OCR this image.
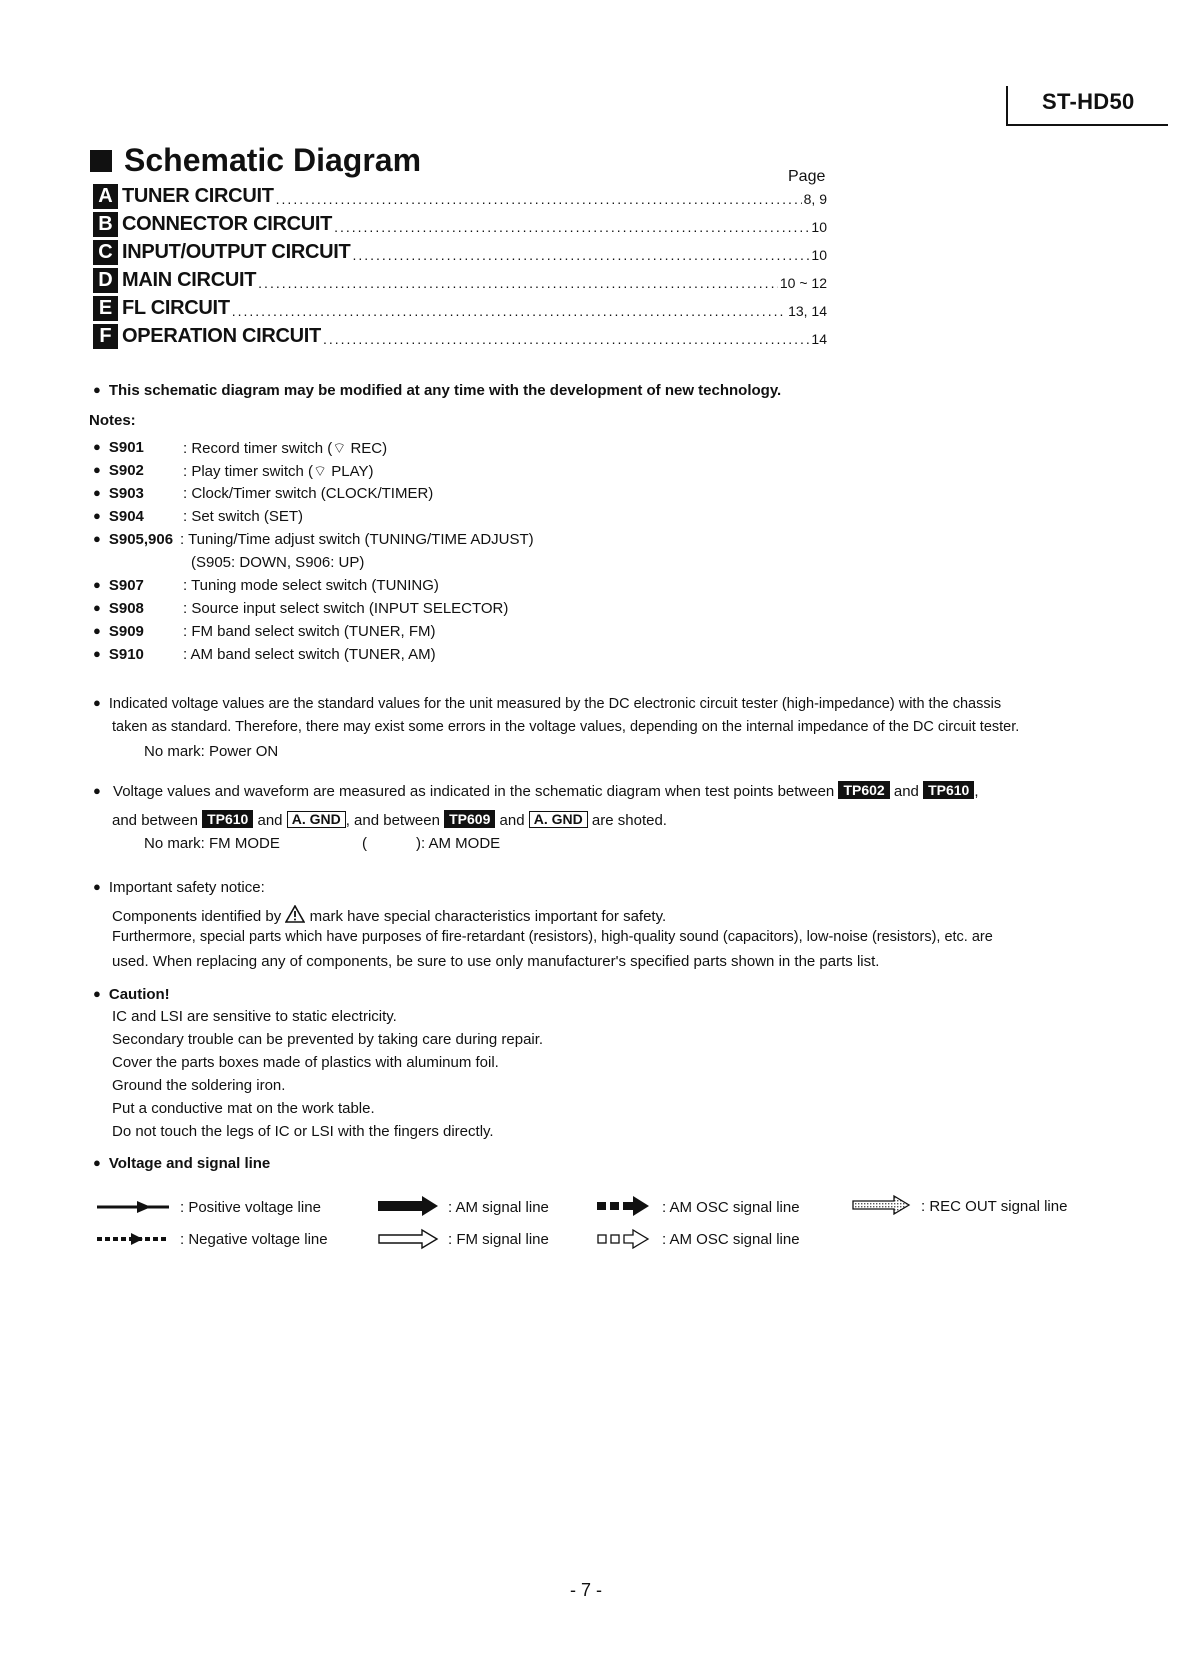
ST-HD50
Schematic Diagram	Page
A TUNER CIRCUIT .....	8, 9
B CONNECTOR CIRCUIT .....	10
C INPUT/OUTPUT CIRCUIT .....	10
D MAIN CIRCUIT .....	10 ~ 12
E FL CIRCUIT .....	13, 14
F OPERATION CIRCUIT .....	14
● This schematic diagram may be modified at any time with the development of new technology.
Notes:
● S901	: Record timer switch (⌔ REC)
● S902	: Play timer switch (⌔ PLAY)
● S903	: Clock/Timer switch (CLOCK/TIMER)
● S904	: Set switch (SET)
● S905,906 : Tuning/Time adjust switch (TUNING/TIME ADJUST)
(S905: DOWN, S906: UP)
● S907	: Tuning mode select switch (TUNING)
● S908	: Source input select switch (INPUT SELECTOR)
● S909	: FM band select switch (TUNER, FM)
● S910	: AM band select switch (TUNER, AM)
● Indicated voltage values are the standard values for the unit measured by the DC electronic circuit tester (high-impedance) with the chassis
taken as standard. Therefore, there may exist some errors in the voltage values, depending on the internal impedance of the DC circuit tester.
No mark: Power ON
● Voltage values and waveform are measured as indicated in the schematic diagram when test points between TP602 and TP610 ,
and between TP610 and A. GND , and between TP609 and A. GND are shoted.
No mark: FM MODE	(	): AM MODE
● Important safety notice:
Components identified by mark have special characteristics important for safety.
Furthermore, special parts which have purposes of fire-retardant (resistors), high-quality sound (capacitors), low-noise (resistors), etc. are
used. When replacing any of components, be sure to use only manufacturer's specified parts shown in the parts list.
● Caution!
IC and LSI are sensitive to static electricity.
Secondary trouble can be prevented by taking care during repair.
Cover the parts boxes made of plastics with aluminum foil.
Ground the soldering iron.
Put a conductive mat on the work table.
Do not touch the legs of IC or LSI with the fingers directly.
● Voltage and signal line
: Positive voltage line
: Negative voltage line
: AM signal line
: FM signal line
: AM OSC signal line
: AM OSC signal line
: REC OUT signal line
- 7 -
